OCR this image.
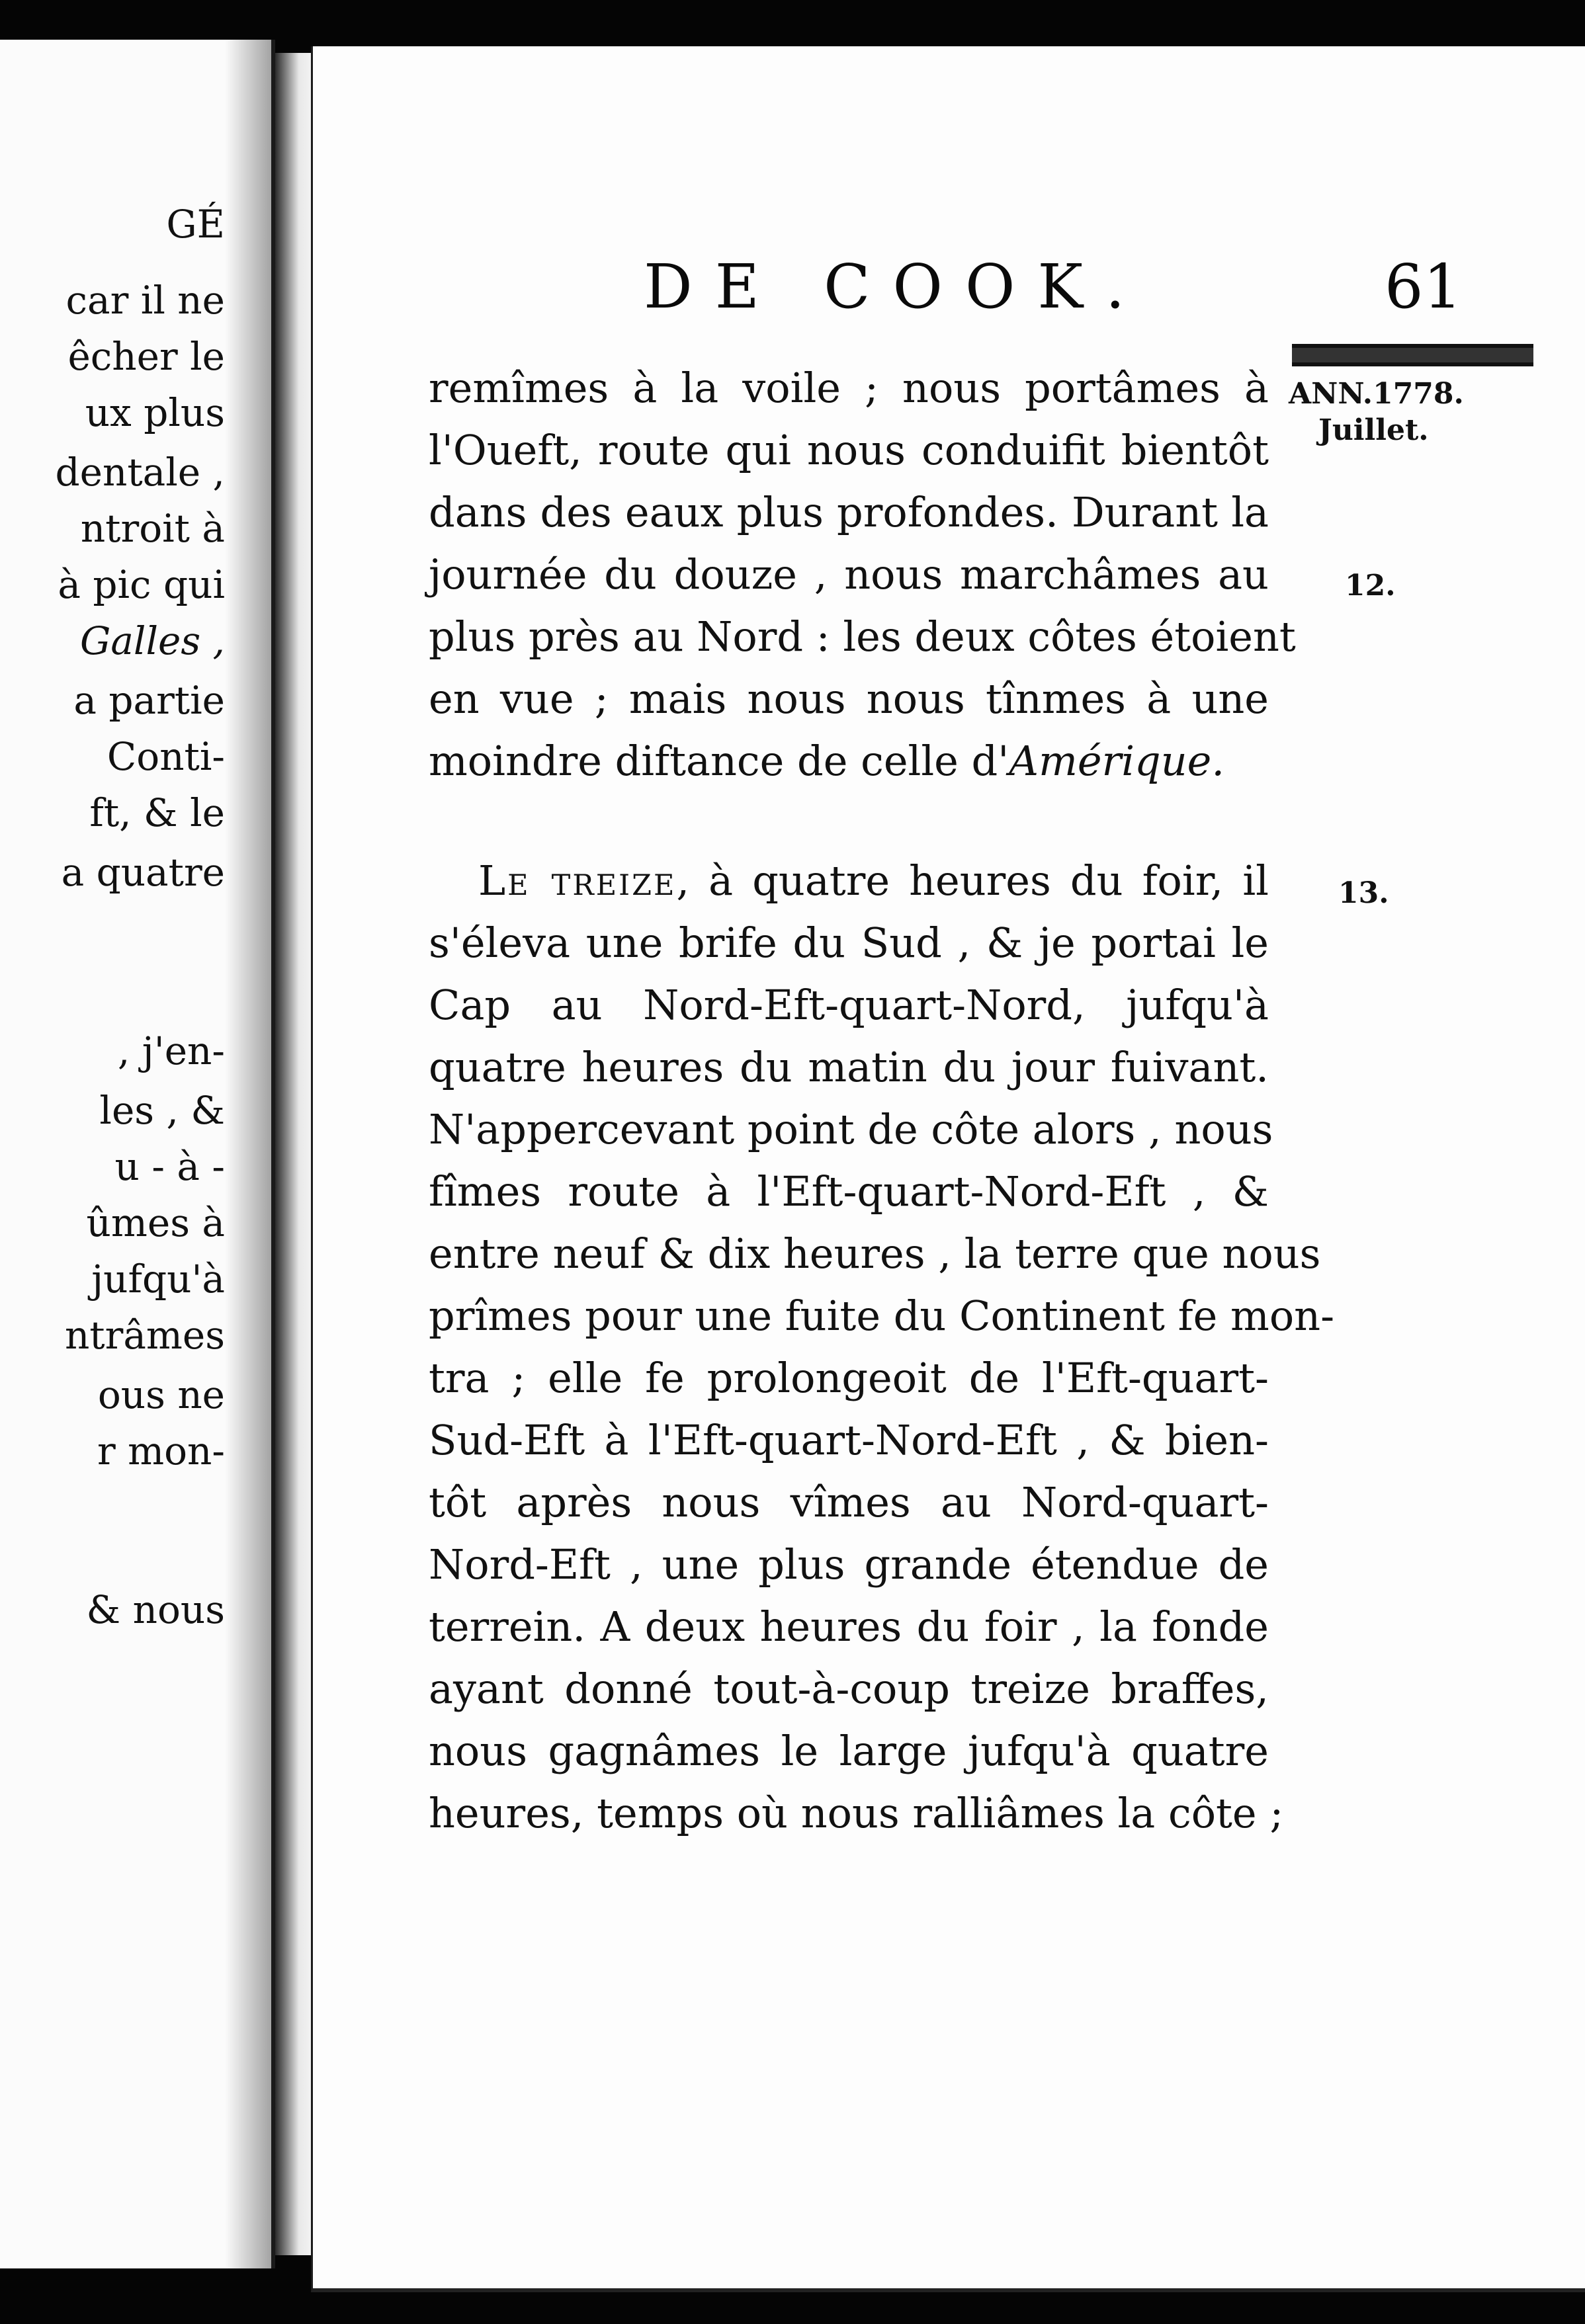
GÉ
car il ne
êcher le
ux plus
dentale ,
ntroit à
à pic qui
Galles ,
a partie
Conti-
ft, & le
a quatre
, j'en-
les , &
u - à -
ûmes à
jufqu'à
ntrâmes
ous ne
r mon-
& nous
DE COOK.	61
ANN.1778.
Juillet.
12.
13.
remîmes à la voile ; nous portâmes à
l'Oueft, route qui nous conduifit bientôt
dans des eaux plus profondes. Durant la
journée du douze , nous marchâmes au
plus près au Nord : les deux côtes étoient
en vue ; mais nous nous tînmes à une
moindre diftance de celle d'Amérique.
Le treize, à quatre heures du foir, il
s'éleva une brife du Sud , & je portai le
Cap au Nord-Eft-quart-Nord, jufqu'à
quatre heures du matin du jour fuivant.
N'appercevant point de côte alors , nous
fîmes route à l'Eft-quart-Nord-Eft , &
entre neuf & dix heures , la terre que nous
prîmes pour une fuite du Continent fe mon-
tra ; elle fe prolongeoit de l'Eft-quart-
Sud-Eft à l'Eft-quart-Nord-Eft , & bien-
tôt après nous vîmes au Nord-quart-
Nord-Eft , une plus grande étendue de
terrein. A deux heures du foir , la fonde
ayant donné tout-à-coup treize braffes,
nous gagnâmes le large jufqu'à quatre
heures, temps où nous ralliâmes la côte ;
